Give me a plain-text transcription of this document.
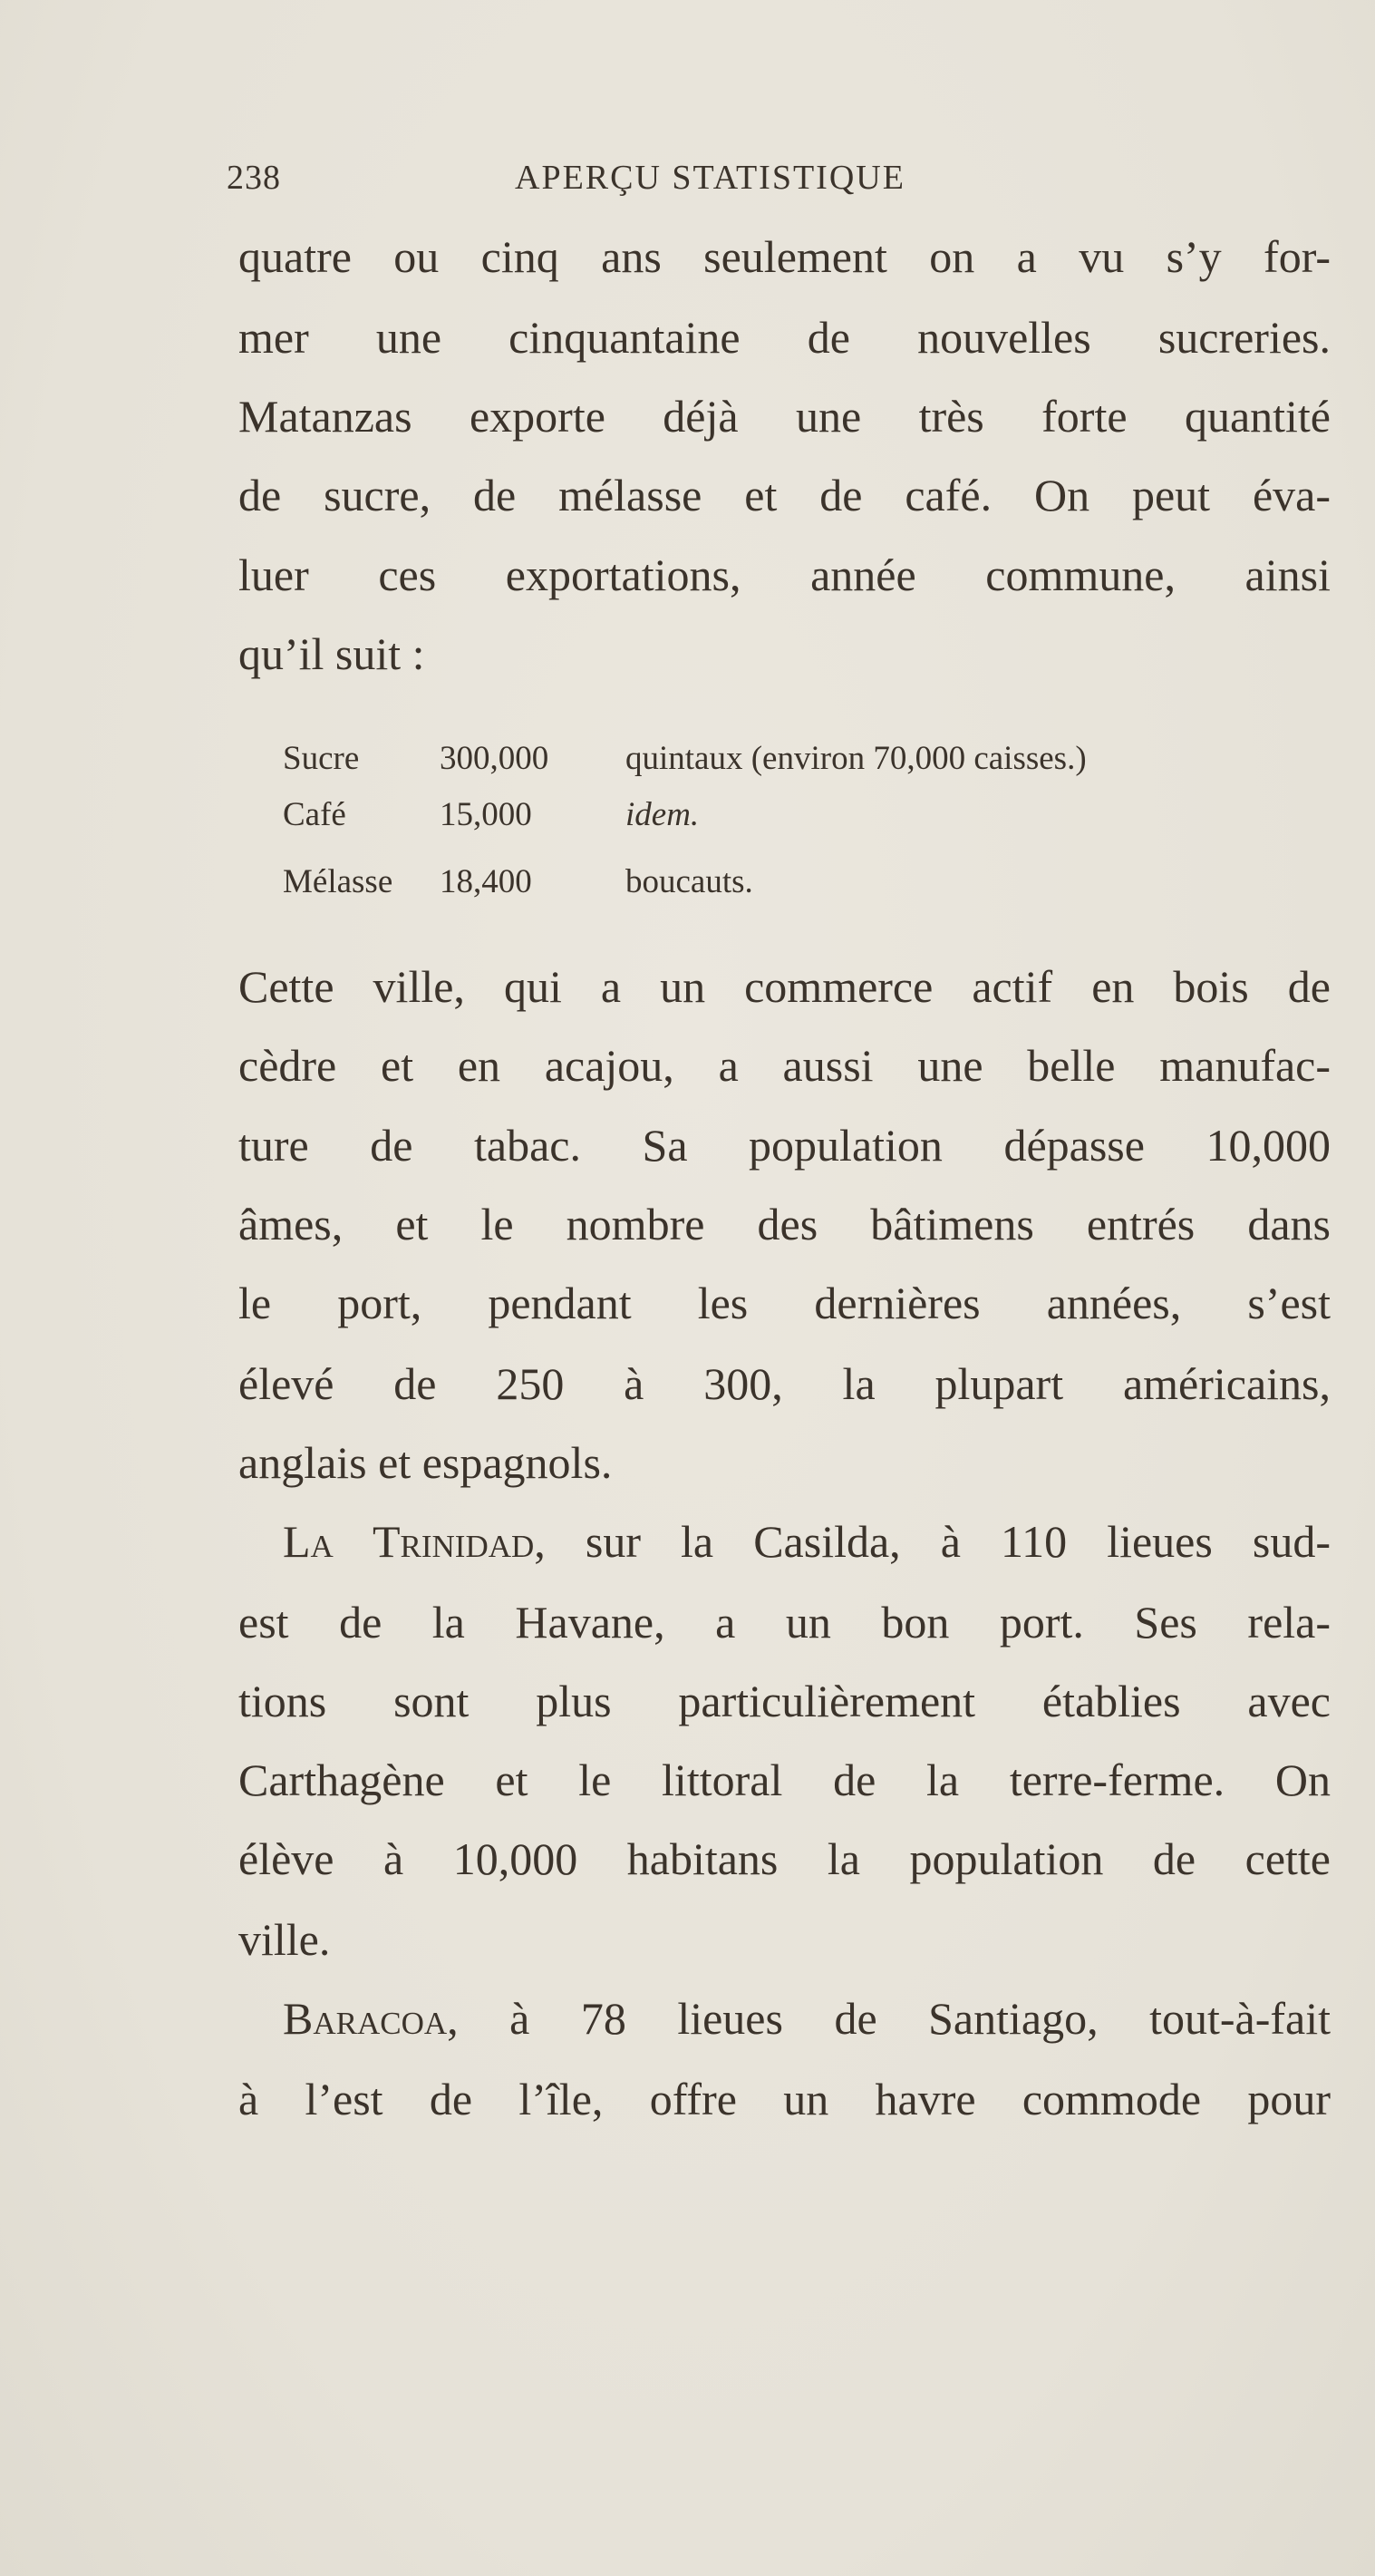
238	APERÇU STATISTIQUE
quatre ou cinq ans seulement on a vu s’y for-
mer une cinquantaine de nouvelles sucreries.
Matanzas exporte déjà une très forte quantité
de sucre, de mélasse et de café. On peut éva-
luer ces exportations, année commune, ainsi
qu’il suit :
Sucre 300,000 quintaux (environ 70,000 caisses.)
Café	15,000	idem.
Mélasse 18,400	boucauts.
Cette ville, qui a un commerce actif en bois de
cèdre et en acajou, a aussi une belle manufac-
ture de tabac. Sa population dépasse 10,000
âmes, et le nombre des bâtimens entrés dans
le port, pendant les dernières années, s’est
élevé de 250 à 300, la plupart américains,
anglais et espagnols.
La Trinidad, sur la Casilda, à 110 lieues sud-
est de la Havane, a un bon port. Ses rela-
tions sont plus particulièrement établies avec
Carthagène et le littoral de la terre-ferme. On
élève à 10,000 habitans la population de cette
ville.
Baracoa, à 78 lieues de Santiago, tout-à-fait
à l’est de l’île, offre un havre commode pour
